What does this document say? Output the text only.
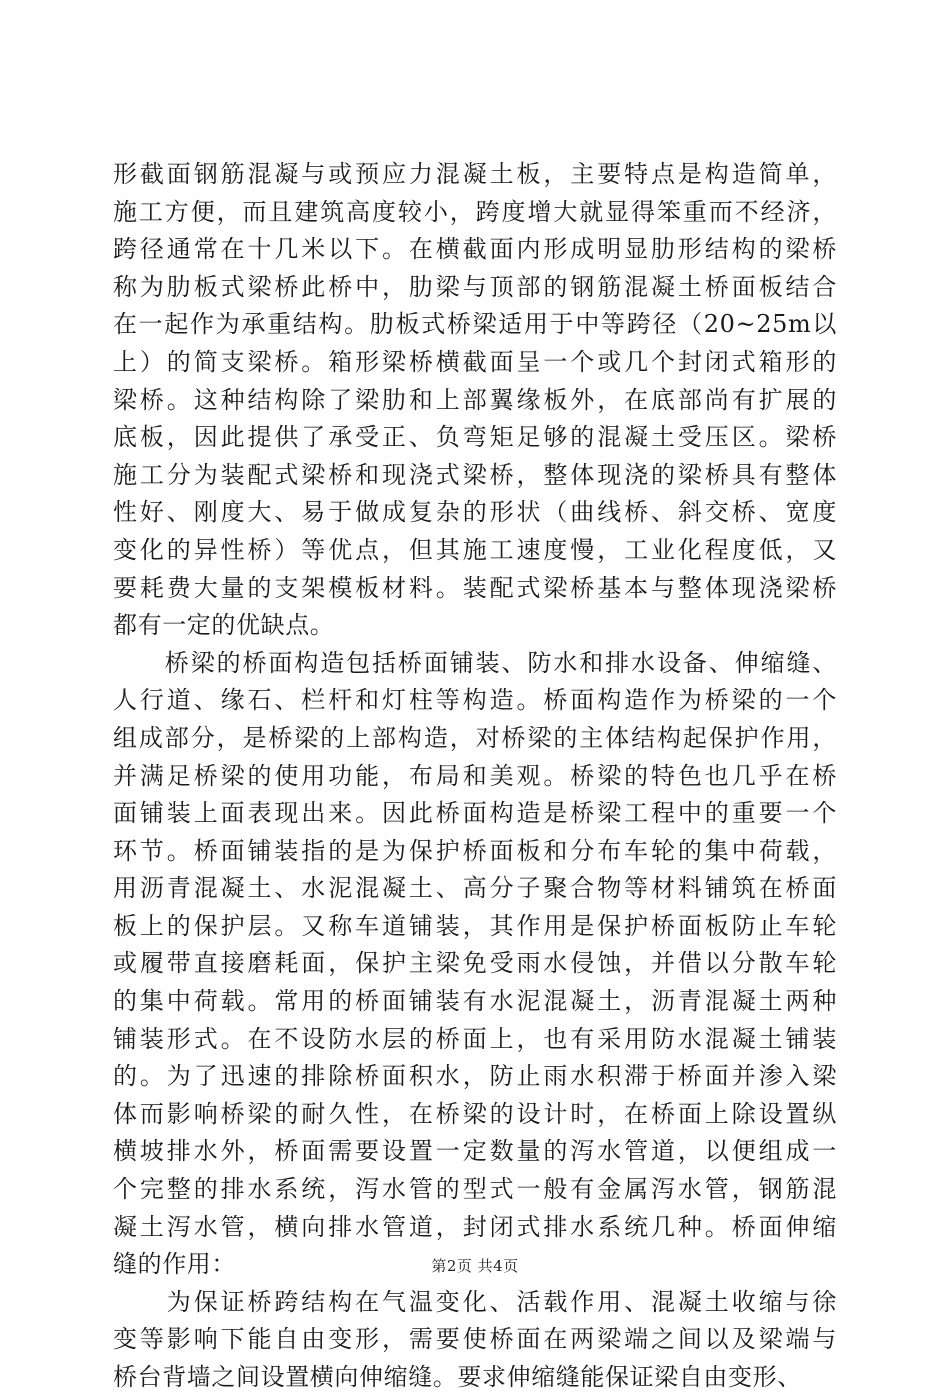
形截面钢筋混凝与或预应力混凝土板，主要特点是构造简单，
施工方便，而且建筑高度较小，跨度增大就显得笨重而不经济，
跨径通常在十几米以下。在横截面内形成明显肋形结构的梁桥
称为肋板式梁桥此桥中，肋梁与顶部的钢筋混凝土桥面板结合
在一起作为承重结构。肋板式桥梁适用于中等跨径（20~25m以
上）的简支梁桥。箱形梁桥横截面呈一个或几个封闭式箱形的
梁桥。这种结构除了梁肋和上部翼缘板外，在底部尚有扩展的
底板，因此提供了承受正、负弯矩足够的混凝土受压区。梁桥
施工分为装配式梁桥和现浇式梁桥，整体现浇的梁桥具有整体
性好、刚度大、易于做成复杂的形状（曲线桥、斜交桥、宽度
变化的异性桥）等优点，但其施工速度慢，工业化程度低，又
要耗费大量的支架模板材料。装配式梁桥基本与整体现浇梁桥
都有一定的优缺点。
　　桥梁的桥面构造包括桥面铺装、防水和排水设备、伸缩缝、
人行道、缘石、栏杆和灯柱等构造。桥面构造作为桥梁的一个
组成部分，是桥梁的上部构造，对桥梁的主体结构起保护作用，
并满足桥梁的使用功能，布局和美观。桥梁的特色也几乎在桥
面铺装上面表现出来。因此桥面构造是桥梁工程中的重要一个
环节。桥面铺装指的是为保护桥面板和分布车轮的集中荷载，
用沥青混凝土、水泥混凝土、高分子聚合物等材料铺筑在桥面
板上的保护层。又称车道铺装，其作用是保护桥面板防止车轮
或履带直接磨耗面，保护主梁免受雨水侵蚀，并借以分散车轮
的集中荷载。常用的桥面铺装有水泥混凝土，沥青混凝土两种
铺装形式。在不设防水层的桥面上，也有采用防水混凝土铺装
的。为了迅速的排除桥面积水，防止雨水积滞于桥面并渗入梁
体而影响桥梁的耐久性，在桥梁的设计时，在桥面上除设置纵
横坡排水外，桥面需要设置一定数量的泻水管道，以便组成一
个完整的排水系统，泻水管的型式一般有金属泻水管，钢筋混
凝土泻水管，横向排水管道，封闭式排水系统几种。桥面伸缩
缝的作用：
　　为保证桥跨结构在气温变化、活载作用、混凝土收缩与徐
变等影响下能自由变形，需要使桥面在两梁端之间以及梁端与
桥台背墙之间设置横向伸缩缝。要求伸缩缝能保证梁自由变形、
第2页 共4页
